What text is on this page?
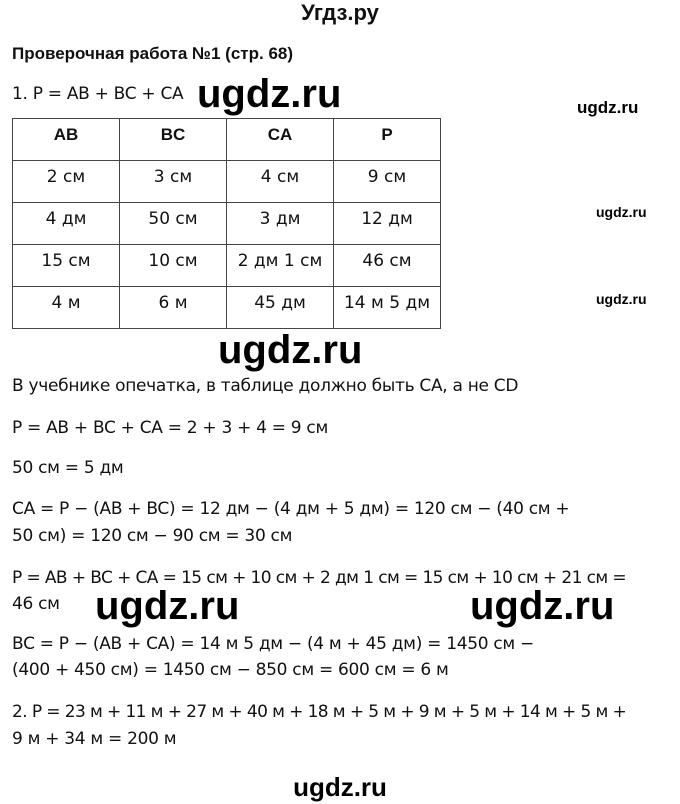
Угдз.ру
Проверочная работа №1 (стр. 68)
1. P = AB + BC + CA ugdz.ru	ugdz.ru
ugdz.ru
ugdz.ru
AB	BC	CA	P
2 см	3 см	4 см	9 см
4 дм	50 см	3 дм	12 дм
15 см	10 см	2 дм 1 см	46 см
4 м	6 м	45 дм	14 м 5 дм
ugdz.ru
В учебнике опечатка, в таблице должно быть CA, а не CD
P = AB + BC + CA = 2 + 3 + 4 = 9 см
50 см = 5 дм
CA = P − (AB + BC) = 12 дм − (4 дм + 5 дм) = 120 см − (40 см +
50 см) = 120 см − 90 см = 30 см
P = AB + BC + CA = 15 см + 10 см + 2 дм 1 см = 15 см + 10 см + 21 см =
46 см ugdz.ru	ugdz.ru
BC = P − (AB + CA) = 14 м 5 дм − (4 м + 45 дм) = 1450 см −
(400 + 450 см) = 1450 см − 850 см = 600 см = 6 м
2. P = 23 м + 11 м + 27 м + 40 м + 18 м + 5 м + 9 м + 5 м + 14 м + 5 м +
9 м + 34 м = 200 м
ugdz.ru
